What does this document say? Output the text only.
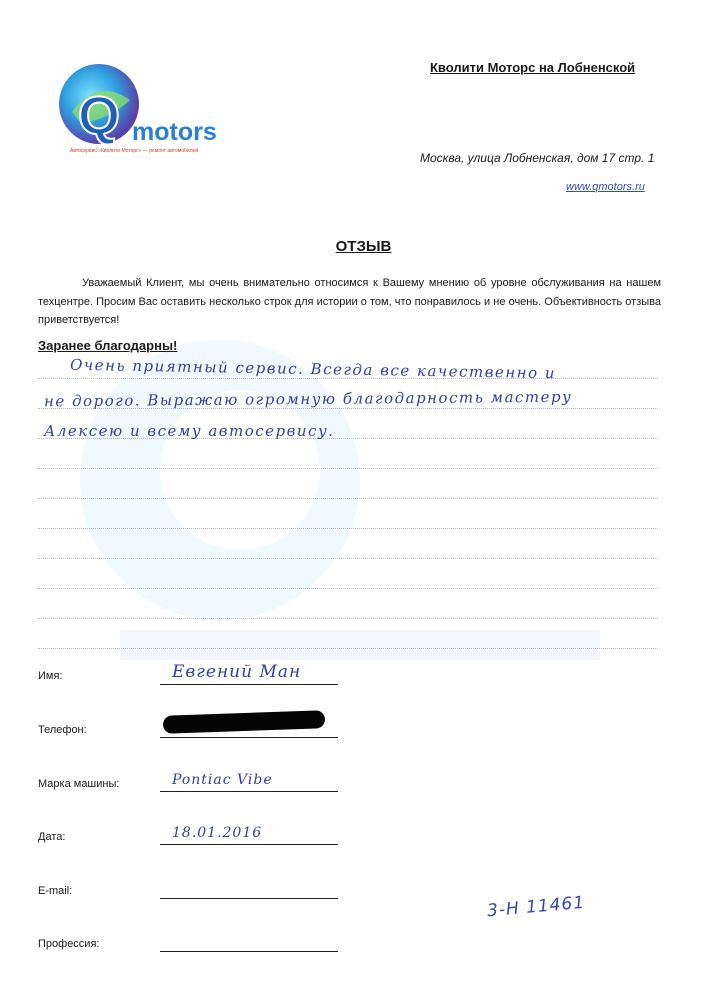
Q motors
Автосервис «Кволити Моторс» — ремонт автомобилей
Кволити Моторс на Лобненской
Москва, улица Лобненская, дом 17 стр. 1
www.qmotors.ru
ОТЗЫВ
Уважаемый Клиент, мы очень внимательно относимся к Вашему мнению об уровне обслуживания на нашем техцентре. Просим Вас оставить несколько строк для истории о том, что понравилось и не очень. Объективность отзыва приветствуется!
Заранее благодарны!
Очень приятный сервис. Всегда все качественно и
не дорого. Выражаю огромную благодарность мастеру
Алексею и всему автосервису.
Имя:	Евгений Ман
Телефон:
Марка машины:	Pontiac Vibe
Дата:	18.01.2016
E-mail:
Профессия:
3-H 11461
